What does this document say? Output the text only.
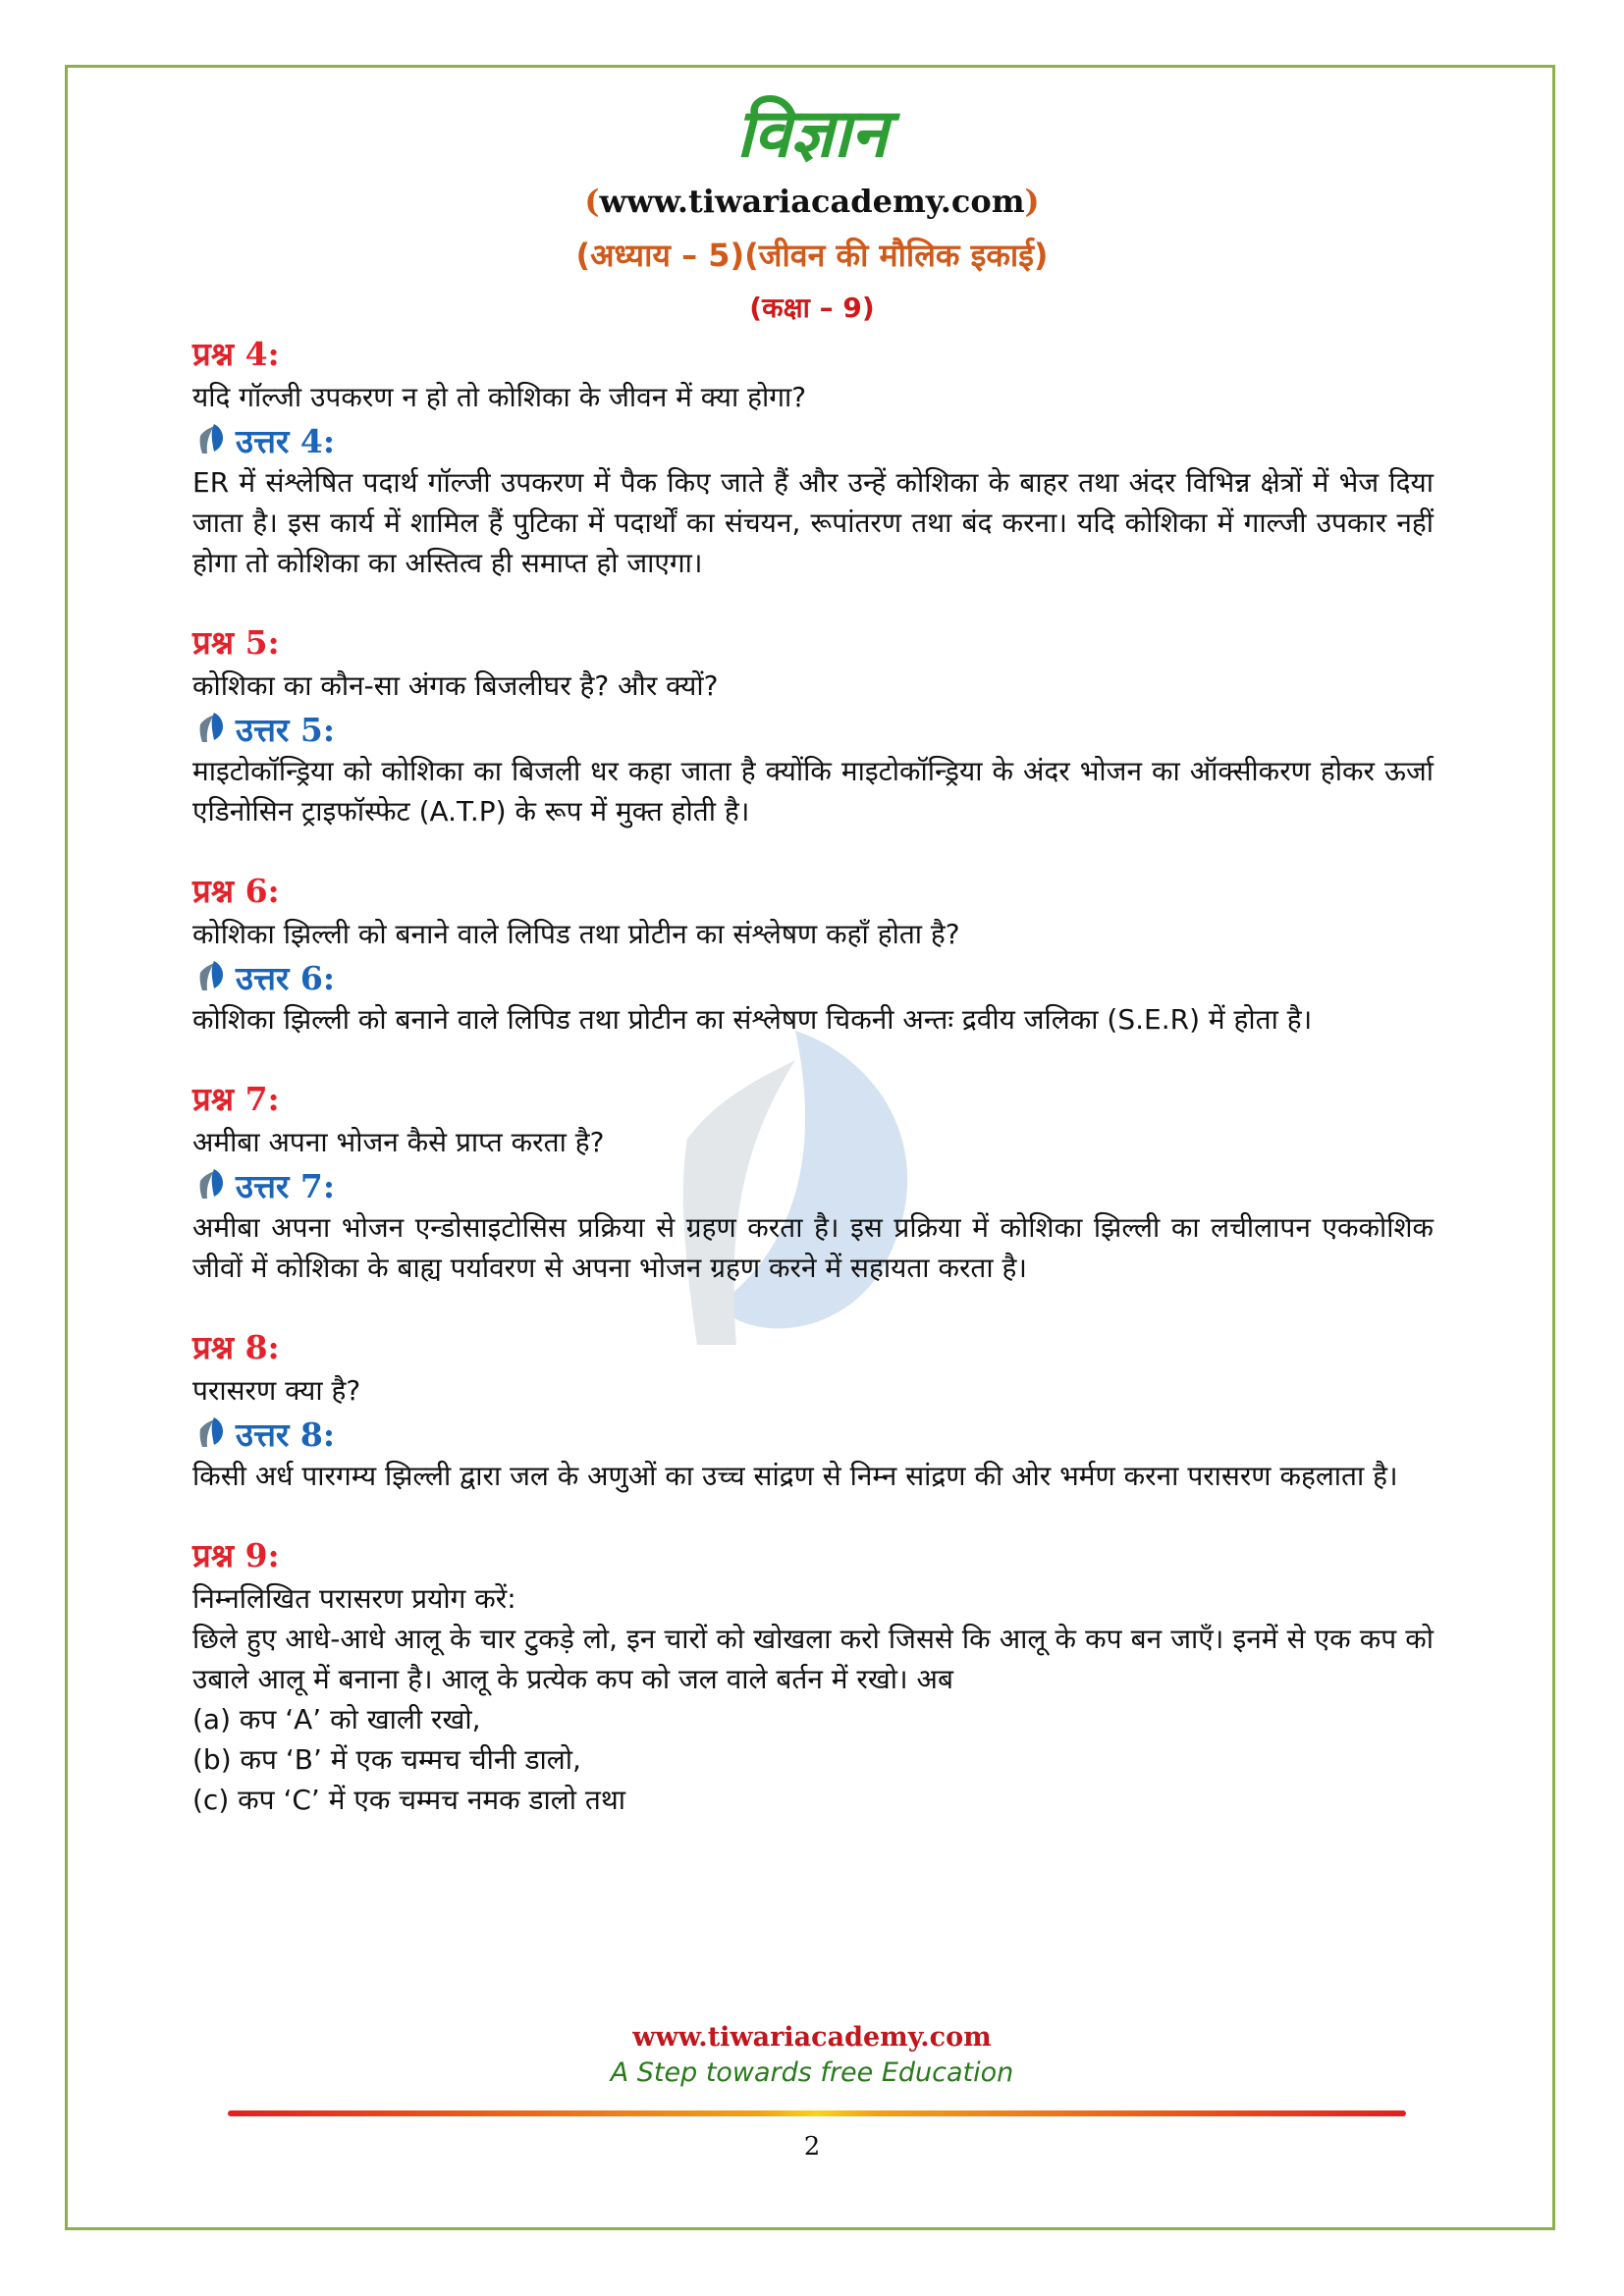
विज्ञान
(www.tiwariacademy.com)
(अध्याय – 5)(जीवन की मौलिक इकाई)
(कक्षा – 9)
प्रश्न 4:
यदि गॉल्जी उपकरण न हो तो कोशिका के जीवन में क्या होगा?
उत्तर 4:
ER में संश्लेषित पदार्थ गॉल्जी उपकरण में पैक किए जाते हैं और उन्हें कोशिका के बाहर तथा अंदर विभिन्न क्षेत्रों में भेज दिया जाता है। इस कार्य में शामिल हैं पुटिका में पदार्थों का संचयन, रूपांतरण तथा बंद करना। यदि कोशिका में गाल्जी उपकार नहीं होगा तो कोशिका का अस्तित्व ही समाप्त हो जाएगा।
प्रश्न 5:
कोशिका का कौन-सा अंगक बिजलीघर है? और क्यों?
उत्तर 5:
माइटोकॉन्ड्रिया को कोशिका का बिजली धर कहा जाता है क्योंकि माइटोकॉन्ड्रिया के अंदर भोजन का ऑक्सीकरण होकर ऊर्जा एडिनोसिन ट्राइफॉस्फेट (A.T.P) के रूप में मुक्त होती है।
प्रश्न 6:
कोशिका झिल्ली को बनाने वाले लिपिड तथा प्रोटीन का संश्लेषण कहाँ होता है?
उत्तर 6:
कोशिका झिल्ली को बनाने वाले लिपिड तथा प्रोटीन का संश्लेषण चिकनी अन्तः द्रवीय जलिका (S.E.R) में होता है।
प्रश्न 7:
अमीबा अपना भोजन कैसे प्राप्त करता है?
उत्तर 7:
अमीबा अपना भोजन एन्डोसाइटोसिस प्रक्रिया से ग्रहण करता है। इस प्रक्रिया में कोशिका झिल्ली का लचीलापन एककोशिक जीवों में कोशिका के बाह्य पर्यावरण से अपना भोजन ग्रहण करने में सहायता करता है।
प्रश्न 8:
परासरण क्या है?
उत्तर 8:
किसी अर्ध पारगम्य झिल्ली द्वारा जल के अणुओं का उच्च सांद्रण से निम्न सांद्रण की ओर भर्मण करना परासरण कहलाता है।
प्रश्न 9:
निम्नलिखित परासरण प्रयोग करें:
छिले हुए आधे-आधे आलू के चार टुकड़े लो, इन चारों को खोखला करो जिससे कि आलू के कप बन जाएँ। इनमें से एक कप को उबाले आलू में बनाना है। आलू के प्रत्येक कप को जल वाले बर्तन में रखो। अब
(a) कप ‘A’ को खाली रखो,
(b) कप ‘B’ में एक चम्मच चीनी डालो,
(c) कप ‘C’ में एक चम्मच नमक डालो तथा
www.tiwariacademy.com
A Step towards free Education
2
